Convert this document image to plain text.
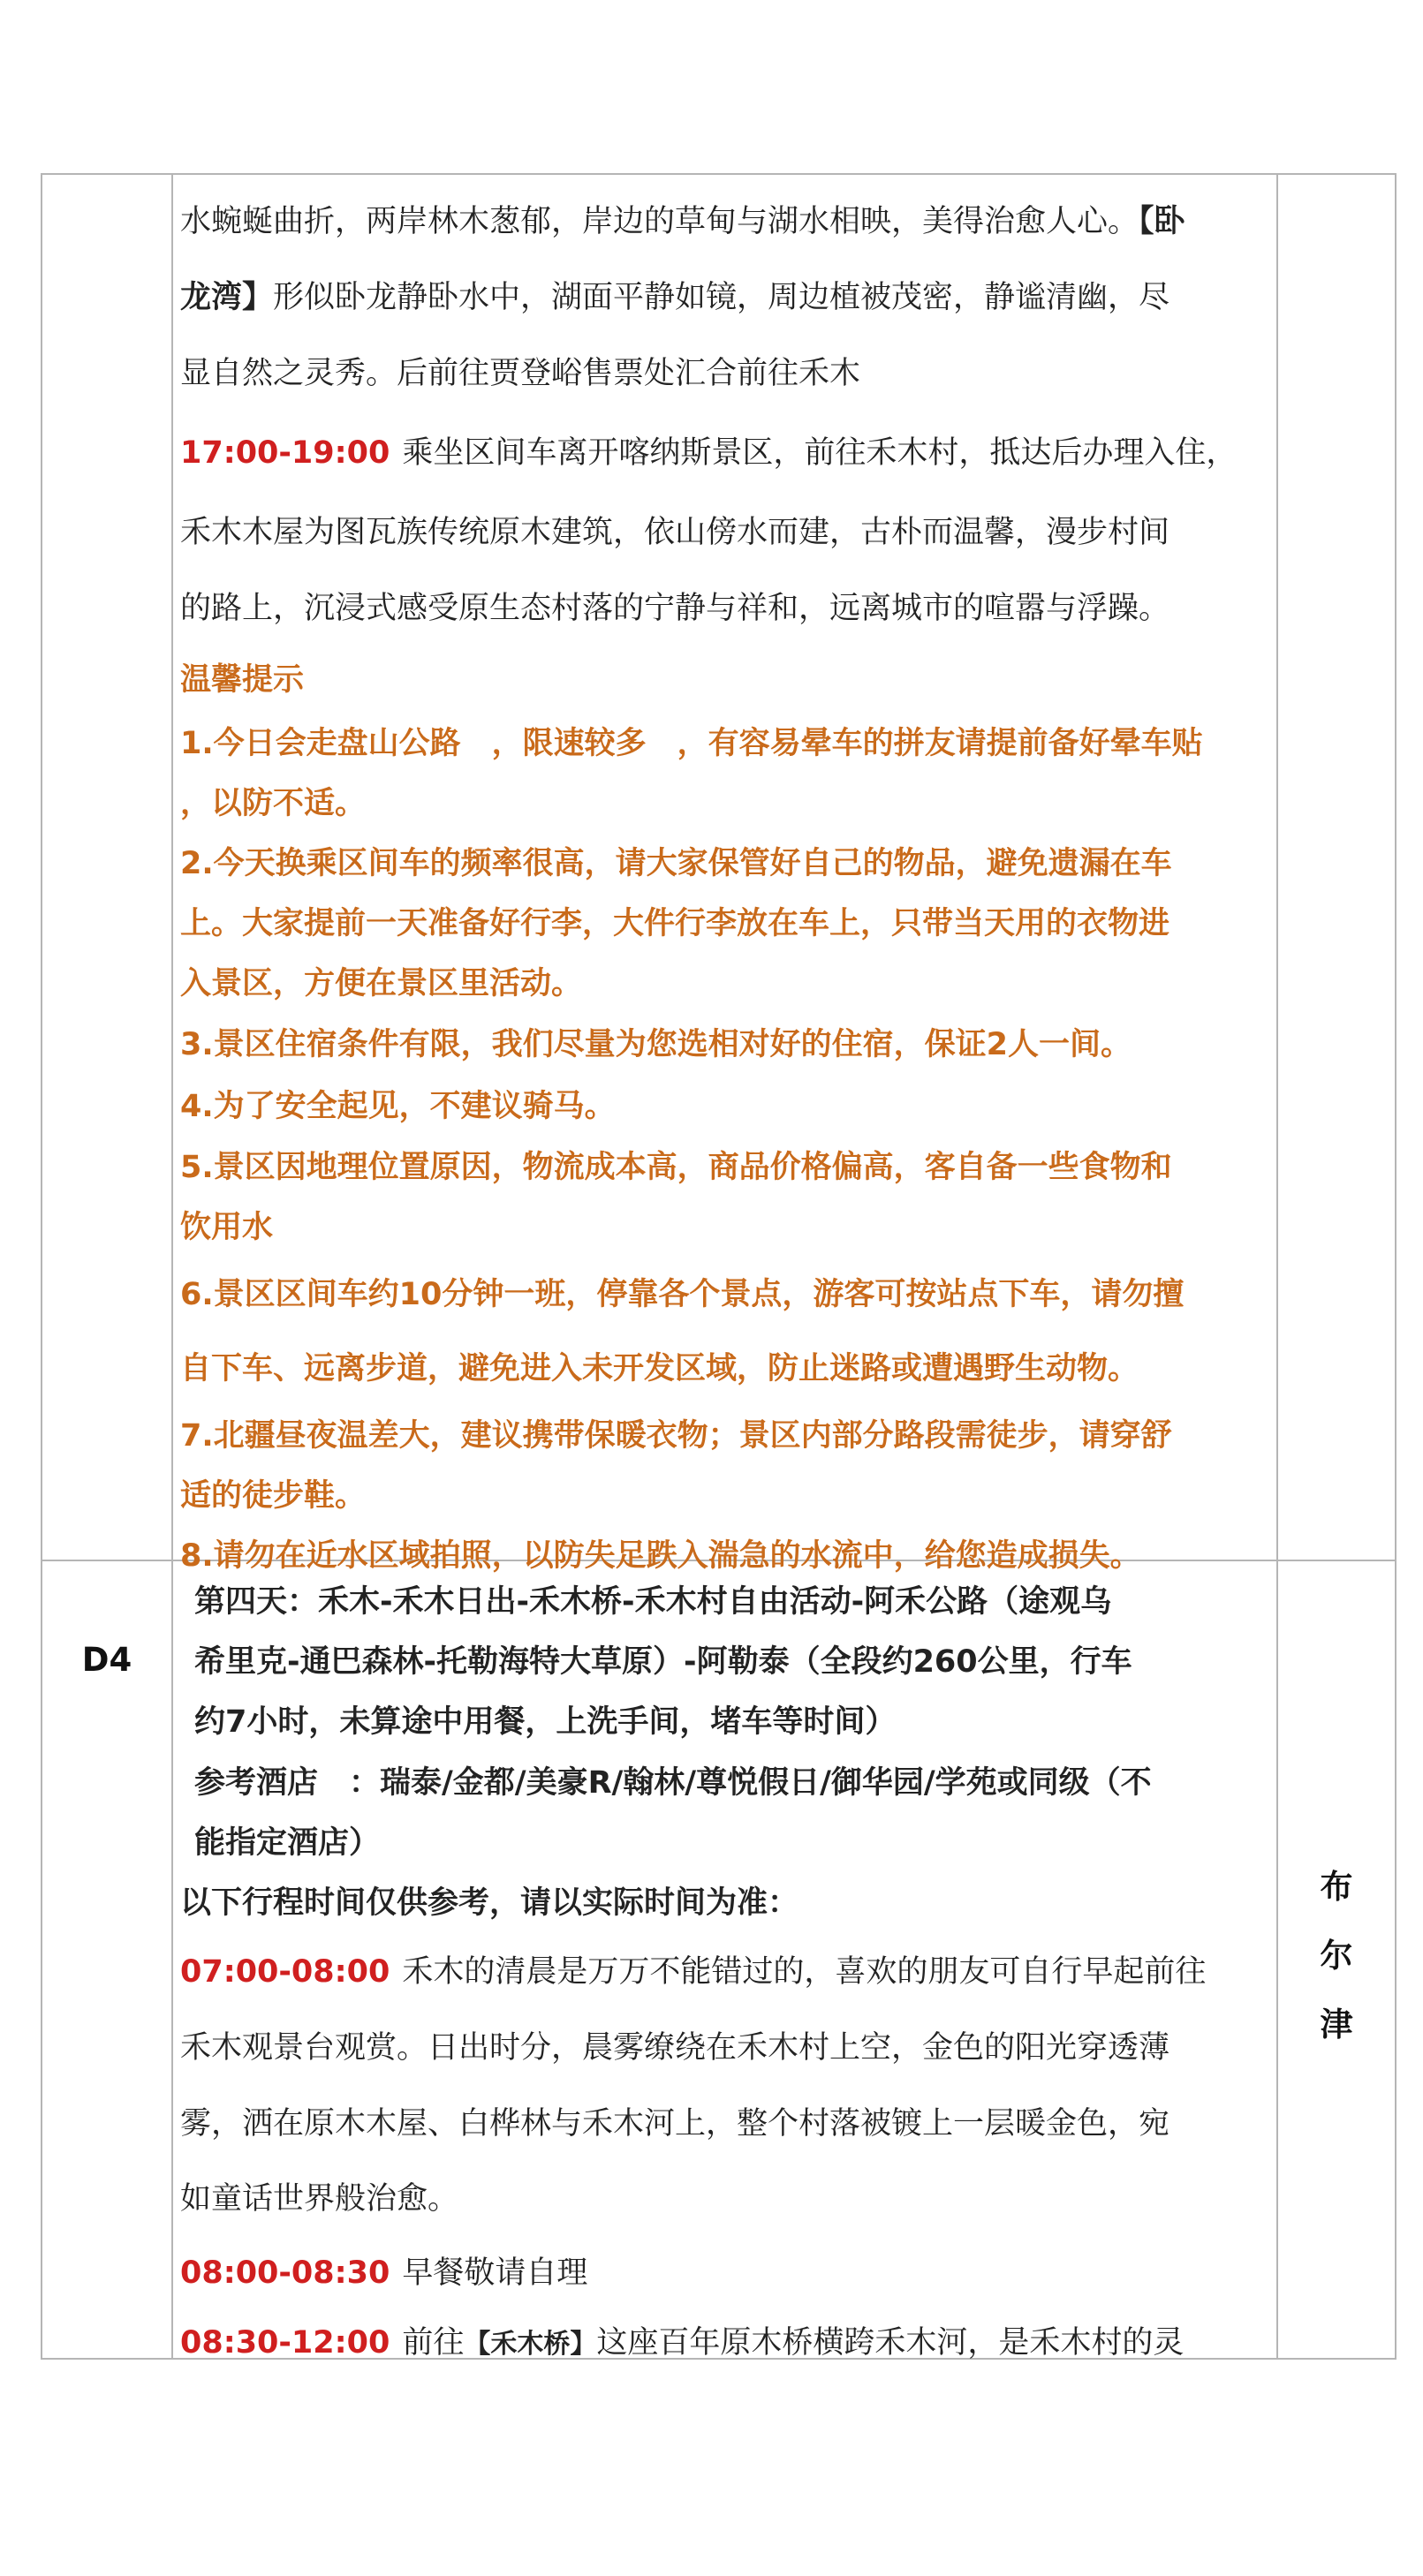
水蜿蜒曲折，两岸林木葱郁，岸边的草甸与湖水相映，美得治愈人心。【卧

龙湾】形似卧龙静卧水中，湖面平静如镜，周边植被茂密，静谧清幽，尽

显自然之灵秀。后前往贾登峪售票处汇合前往禾木

17:00-19:00 乘坐区间车离开喀纳斯景区，前往禾木村，抵达后办理入住，

禾木木屋为图瓦族传统原木建筑，依山傍水而建，古朴而温馨，漫步村间

的路上，沉浸式感受原生态村落的宁静与祥和，远离城市的喧嚣与浮躁。

温馨提示

1.今日会走盘山公路　，限速较多　，有容易晕车的拼友请提前备好晕车贴

，以防不适。

2.今天换乘区间车的频率很高，请大家保管好自己的物品，避免遗漏在车

上。大家提前一天准备好行李，大件行李放在车上，只带当天用的衣物进

入景区，方便在景区里活动。

3.景区住宿条件有限，我们尽量为您选相对好的住宿，保证2人一间。

4.为了安全起见，不建议骑马。

5.景区因地理位置原因，物流成本高，商品价格偏高，客自备一些食物和

饮用水

6.景区区间车约10分钟一班，停靠各个景点，游客可按站点下车，请勿擅

自下车、远离步道，避免进入未开发区域，防止迷路或遭遇野生动物。

7.北疆昼夜温差大，建议携带保暖衣物；景区内部分路段需徒步，请穿舒

适的徒步鞋。

8.请勿在近水区域拍照，以防失足跌入湍急的水流中，给您造成损失。

D4

第四天：禾木-禾木日出-禾木桥-禾木村自由活动-阿禾公路（途观乌

希里克-通巴森林-托勒海特大草原）-阿勒泰（全段约260公里，行车

约7小时，未算途中用餐，上洗手间，堵车等时间）

参考酒店　：瑞泰/金都/美豪R/翰林/尊悦假日/御华园/学苑或同级（不

能指定酒店）

以下行程时间仅供参考，请以实际时间为准：

07:00-08:00 禾木的清晨是万万不能错过的，喜欢的朋友可自行早起前往

禾木观景台观赏。日出时分，晨雾缭绕在禾木村上空，金色的阳光穿透薄

雾，洒在原木木屋、白桦林与禾木河上，整个村落被镀上一层暖金色，宛

如童话世界般治愈。

08:00-08:30 早餐敬请自理

08:30-12:00 前往【禾木桥】这座百年原木桥横跨禾木河，是禾木村的灵

布
尔
津
